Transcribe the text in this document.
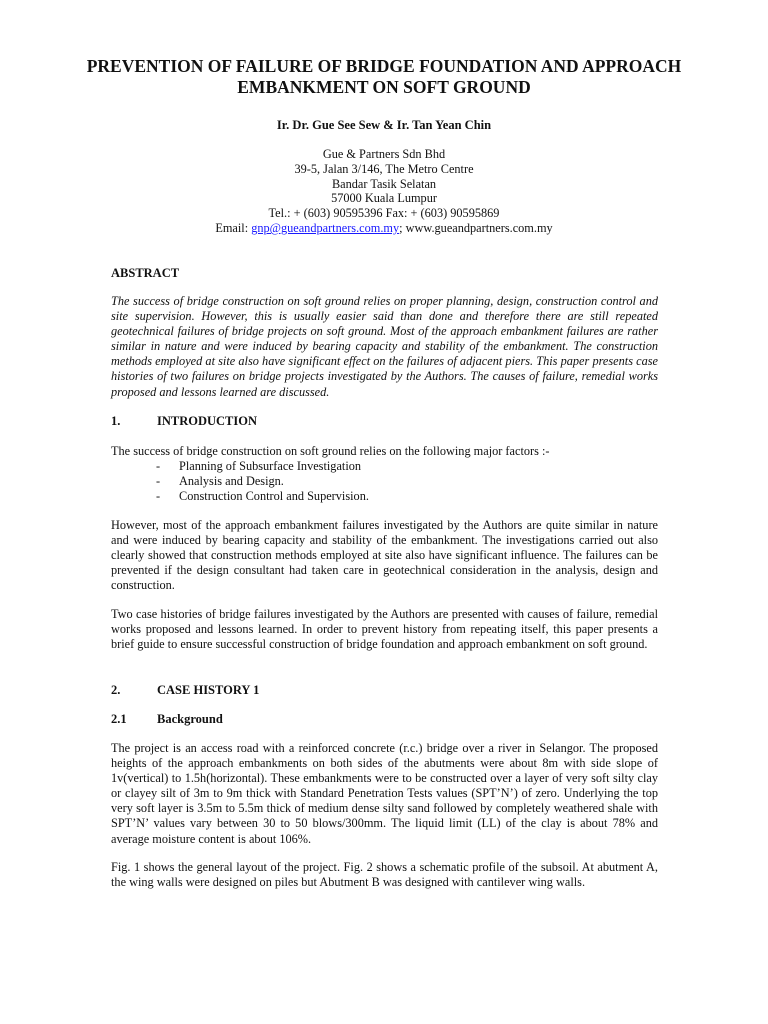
PREVENTION OF FAILURE OF BRIDGE FOUNDATION AND APPROACH EMBANKMENT ON SOFT GROUND
Ir. Dr. Gue See Sew & Ir. Tan Yean Chin
Gue & Partners Sdn Bhd
39-5, Jalan 3/146, The Metro Centre
Bandar Tasik Selatan
57000 Kuala Lumpur
Tel.: + (603) 90595396 Fax: + (603) 90595869
Email: gnp@gueandpartners.com.my; www.gueandpartners.com.my
ABSTRACT
The success of bridge construction on soft ground relies on proper planning, design, construction control and site supervision. However, this is usually easier said than done and therefore there are still repeated geotechnical failures of bridge projects on soft ground. Most of the approach embankment failures are rather similar in nature and were induced by bearing capacity and stability of the embankment. The construction methods employed at site also have significant effect on the failures of adjacent piers. This paper presents case histories of two failures on bridge projects investigated by the Authors. The causes of failure, remedial works proposed and lessons learned are discussed.
1.	INTRODUCTION
The success of bridge construction on soft ground relies on the following major factors :-
-	Planning of Subsurface Investigation
-	Analysis and Design.
-	Construction Control and Supervision.
However, most of the approach embankment failures investigated by the Authors are quite similar in nature and were induced by bearing capacity and stability of the embankment. The investigations carried out also clearly showed that construction methods employed at site also have significant influence. The failures can be prevented if the design consultant had taken care in geotechnical consideration in the analysis, design and construction.
Two case histories of bridge failures investigated by the Authors are presented with causes of failure, remedial works proposed and lessons learned. In order to prevent history from repeating itself, this paper presents a brief guide to ensure successful construction of bridge foundation and approach embankment on soft ground.
2.	CASE HISTORY 1
2.1 Background
The project is an access road with a reinforced concrete (r.c.) bridge over a river in Selangor. The proposed heights of the approach embankments on both sides of the abutments were about 8m with side slope of 1v(vertical) to 1.5h(horizontal). These embankments were to be constructed over a layer of very soft silty clay or clayey silt of 3m to 9m thick with Standard Penetration Tests values (SPT’N’) of zero. Underlying the top very soft layer is 3.5m to 5.5m thick of medium dense silty sand followed by completely weathered shale with SPT’N’ values vary between 30 to 50 blows/300mm. The liquid limit (LL) of the clay is about 78% and average moisture content is about 106%.
Fig. 1 shows the general layout of the project. Fig. 2 shows a schematic profile of the subsoil. At abutment A, the wing walls were designed on piles but Abutment B was designed with cantilever wing walls.
